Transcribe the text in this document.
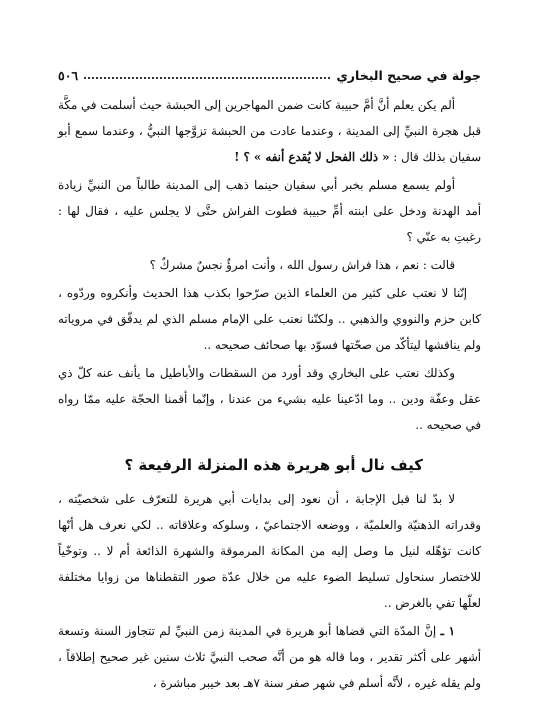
جولة في صحيح البخاري
٥٠٦

ألم يكن يعلم أنَّ أمَّ حبيبة كانت ضمن المهاجرين إلى الحبشة حيث أسلمت في مكَّة قبل هجرة النبيِّ إلى المدينة ، وعندما عادت من الحبشة تزوَّجها النبيُّ ، وعندما سمع أبو سفيان بذلك قال : « ذلك الفحل لا يُقدع أنفه » ؟ !

أولم يسمع مسلم بخبر أبي سفيان حينما ذهب إلى المدينة طالباً من النبيِّ زيادة أمد الهدنة ودخل على ابنته أمِّ حبيبة فطوت الفراش حتَّى لا يجلس عليه ، فقال لها : رغبتِ به عنّي ؟

قالت : نعم ، هذا فراش رسول الله ، وأنت امرؤٌ نجسٌ مشركٌ ؟

إنّنا لا نعتب على كثير من العلماء الذين صرّحوا بكذب هذا الحديث وأنكروه وردّوه ، كابن حزم والنووي والذهبي .. ولكنّنا نعتب على الإمام مسلم الذي لم يدقّق في مروياته ولم يناقشها ليتأكّد من صحّتها فسوّد بها صحائف صحيحه ..

وكذلك نعتب على البخاري وقد أورد من السقطات والأباطيل ما يأنف عنه كلّ ذي عقل وعفّة ودين .. وما ادّعينا عليه بشيء من عندنا ، وإنّما أقمنا الحجّة عليه ممّا رواه في صحيحه ..

كيف نال أبو هريرة هذه المنزلة الرفيعة ؟

لا بدّ لنا قبل الإجابة ، أن نعود إلى بدايات أبي هريرة للتعرّف على شخصيّته ، وقدراته الذهنيّة والعلميّة ، ووضعه الاجتماعيّ ، وسلوكه وعلاقاته .. لكي نعرف هل أنّها كانت تؤهّله لنيل ما وصل إليه من المكانة المرموقة والشهرة الذائعة أم لا .. وتوخّياً للاختصار سنحاول تسليط الضوء عليه من خلال عدّة صور التقطناها من زوايا مختلفة لعلّها تفي بالغرض ..

١ ـ إنَّ المدّة التي قضاها أبو هريرة في المدينة زمن النبيِّ لم تتجاوز السنة وتسعة أشهر على أكثر تقدير ، وما قاله هو من أنَّه صحب النبيَّ ثلاث سنين غير صحيح إطلاقاً ، ولم يقله غيره ، لأنَّه أسلم في شهر صفر سنة ٧هـ بعد خيبر مباشرة ،
